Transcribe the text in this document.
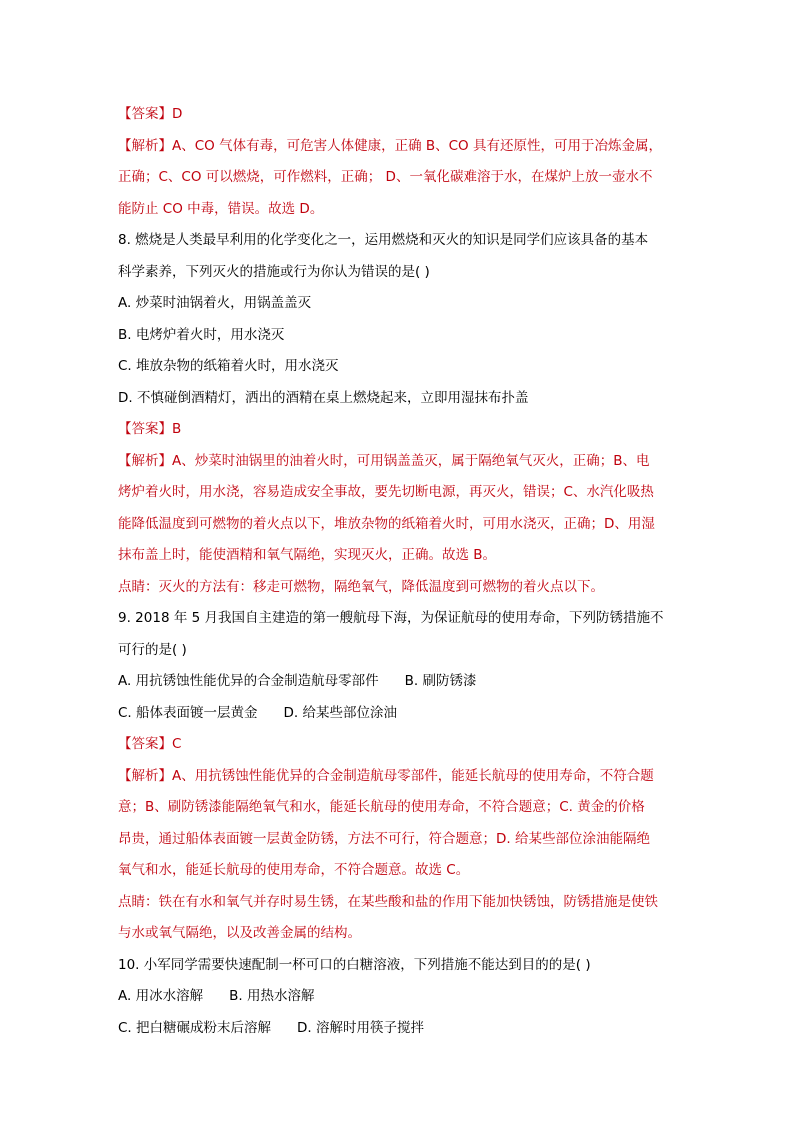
【答案】D
【解析】A、CO 气体有毒，可危害人体健康，正确 B、CO 具有还原性，可用于冶炼金属，
正确；C、CO 可以燃烧，可作燃料，正确； D、一氧化碳难溶于水，在煤炉上放一壶水不
能防止 CO 中毒，错误。故选 D。
8. 燃烧是人类最早利用的化学变化之一，运用燃烧和灭火的知识是同学们应该具备的基本
科学素养，下列灭火的措施或行为你认为错误的是( )
A. 炒菜时油锅着火，用锅盖盖灭
B. 电烤炉着火时，用水浇灭
C. 堆放杂物的纸箱着火时，用水浇灭
D. 不慎碰倒酒精灯，洒出的酒精在桌上燃烧起来，立即用湿抹布扑盖
【答案】B
【解析】A、炒菜时油锅里的油着火时，可用锅盖盖灭，属于隔绝氧气灭火，正确；B、电
烤炉着火时，用水浇，容易造成安全事故，要先切断电源，再灭火，错误；C、水汽化吸热
能降低温度到可燃物的着火点以下，堆放杂物的纸箱着火时，可用水浇灭，正确；D、用湿
抹布盖上时，能使酒精和氧气隔绝，实现灭火，正确。故选 B。
点睛：灭火的方法有：移走可燃物，隔绝氧气，降低温度到可燃物的着火点以下。
9. 2018 年 5 月我国自主建造的第一艘航母下海，为保证航母的使用寿命，下列防锈措施不
可行的是( )
A. 用抗锈蚀性能优异的合金制造航母零部件 B. 刷防锈漆
C. 船体表面镀一层黄金 D. 给某些部位涂油
【答案】C
【解析】A、用抗锈蚀性能优异的合金制造航母零部件，能延长航母的使用寿命，不符合题
意；B、刷防锈漆能隔绝氧气和水，能延长航母的使用寿命，不符合题意；C. 黄金的价格
昂贵，通过船体表面镀一层黄金防锈，方法不可行，符合题意；D. 给某些部位涂油能隔绝
氧气和水，能延长航母的使用寿命，不符合题意。故选 C。
点睛：铁在有水和氧气并存时易生锈，在某些酸和盐的作用下能加快锈蚀，防锈措施是使铁
与水或氧气隔绝，以及改善金属的结构。
10. 小军同学需要快速配制一杯可口的白糖溶液，下列措施不能达到目的的是( )
A. 用冰水溶解 B. 用热水溶解
C. 把白糖碾成粉末后溶解 D. 溶解时用筷子搅拌
